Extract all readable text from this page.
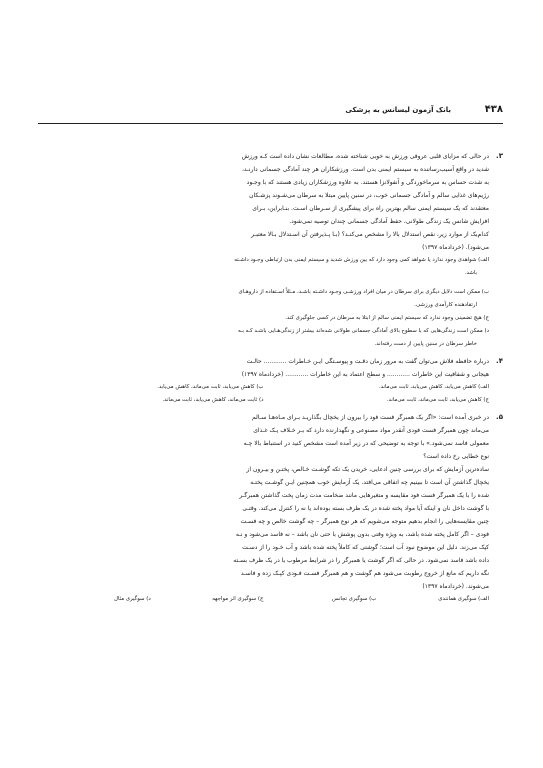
۴۳۸
بانک آزمون لیسانس به پزشکی
۳.

در حالی که مزایای قلبی عروقی ورزش به خوبی شناخته شده، مطالعات نشان داده است کـه ورزش

شدید در واقع آسیب‌رساننده به سیستم ایمنی بدن است. ورزشکاران هر چند آمادگی جسمانی دارنـد،

به شدت حساس به سرماخوردگی و آنفولانزا هستند. به علاوه ورزشکاران زیادی هستند که با وجـود

رژیم‌های غذایی سالم و آمادگی جسمانی خوب، در سنین پایین مبتلا به سرطان می‌شـوند پزشـکان

معتقدند که یک سیستم ایمنی سالم بهترین راه برای پیشگیری از سـرطان اسـت. بنـابراین، بـرای

افزایش شانس یک زندگی طولانی، حفظ آمادگی جسمانی چندان توصیه نمی‌شود.

کدام‌یک از موارد زیر، نقص استدلال بالا را مشخص می‌کنـد؟ (بـا پـذیرفتن آن اسـتدلال بـالا معتبـر

می‌شود). (خرداد‌ماه ۱۳۹۷)

الف) شواهدی وجود ندارد یا شواهد کمی وجود دارد که بین ورزش شدید و سیستم ایمنی بدن ارتباطی وجـود داشـته

باشد.

ب) ممکن است دلایل دیگری برای سرطان در میان افراد ورزشـی وجـود داشـته باشـد، مـثلاً اسـتفاده از داروهـای

ارتقادهنده کارآمدی ورزشی.

ج) هیچ تضمینی وجود ندارد که سیستم ایمنی سالم از ابتلا به سرطان در کسی جلوگیری کند.

د) ممکن است زندگی‌هایی که با سطوح بالای آمادگی جسمانی طولانی شده‌اند بیشتر از زندگی‌هـایی باشـد کـه بـه

خاطر سرطان در سنین پایین از دست رفته‌اند.

۴.

درباره حافظه فلاش می‌توان گفت به مرور زمان دقـت و پیوسـتگی ایـن خـاطرات ............ حالـت

هیجانی و شفافیت این خاطرات ............ و سطح اعتماد به این خاطرات ............ (خرداد‌ماه ۱۳۹۷)

الف) کاهش می‌یابد، کاهش می‌یابد، ثابت می‌ماند.
ب) کاهش می‌یابد، ثابت می‌ماند، کاهش می‌یابد.
ج) کاهش می‌یابد، ثابت می‌ماند، ثابت می‌ماند.
د) ثابت می‌ماند، کاهش می‌یابد، ثابت می‌ماند.
۵.

در خبری آمده است: «اگر یک همبرگر فست فود را بیرون از یخچال بگذاریـد بـرای مـاه‌هـا سـالم

می‌ماند چون همبرگر فست فودی آنقدر مواد مصنوعی و نگهدارنده دارد که بـر خـلاف یـک غـذای

معمولی فاسد نمی‌شود.» با توجه به توضیحی که در زیر آمده است مشخص کنید در استنباط بالا چـه

نوع خطایی رخ داده است؟

ساده‌ترین آزمایش که برای بررسی چنین ادعایی، خریدن یک تکه گوشـت خـالص، پختـن و بیـرون از

یخچال گذاشتن آن است تا ببینیم چه اتفاقی می‌افتد. یک آزمایش خوب همچنین ایـن گوشـت پختـه

شده را با یک همبرگر فست فود مقایسه و متغیرهایی مانند ضخامت مدت زمان پخت گذاشتن همبرگـر

با گوشت داخل نان و اینکه آیا مواد پخته شده در یک ظرف بسته بوده‌اند یا نه را کنترل می‌کند. وقتـی

چنین مقایسه‌هایی را انجام بدهیم متوجه می‌شویم که هر نوع همبرگر – چه گوشت خالص و چه فسـت

فودی – اگر کامل پخته شده باشد، به ویژه وقتی بدون پوشش با حتی نان باشد – نه فاسد می‌شود و نـه

کپک می‌زند. دلیل این موضوع نبود آب است؛ گوشتی که کاملاً پخته شده باشد و آب خـود را از دسـت

داده باشد فاسد نمی‌شود. در حالی که اگر گوشت یا همبرگر را در شرایط مرطوب یا در یک ظرف بسـته

نگه داریم که مانع از خروج رطوبت می‌شود هم گوشت و هم همبرگر فسـت فـودی کپـک زده و فاسـد

می‌شوند. (خرداد‌ماه ۱۳۹۷)

الف) سوگیری همانندی
ب) سوگیری تجانس
ج) سوگیری اثر مواجهه
د) سوگیری مثال
